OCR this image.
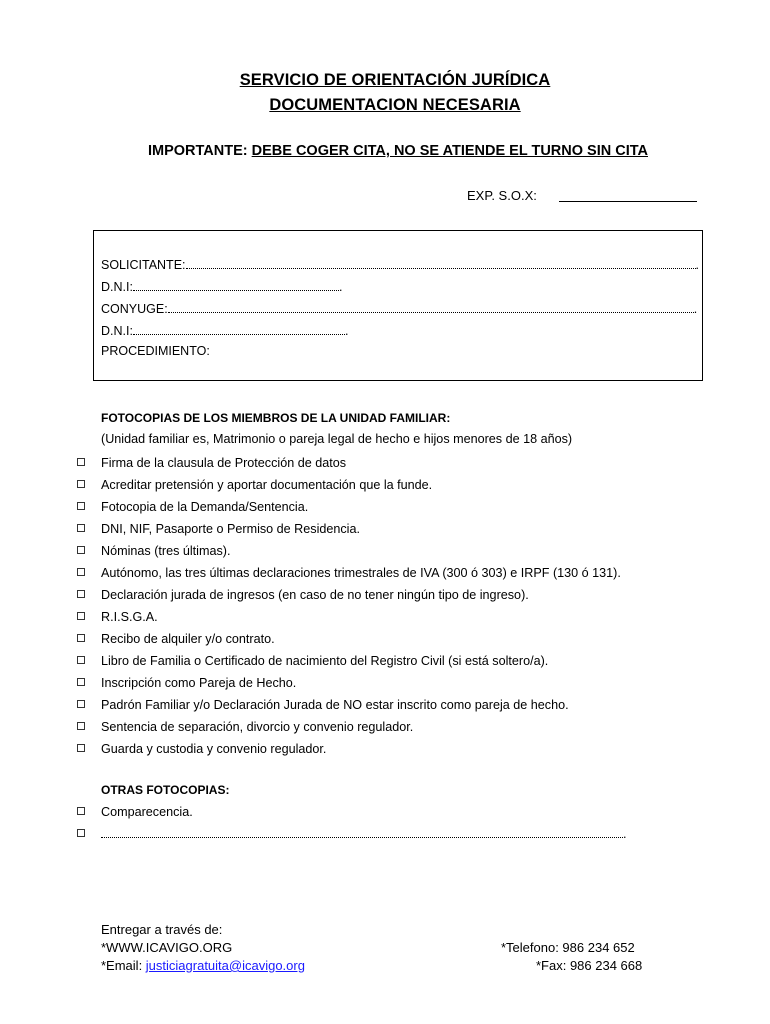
SERVICIO DE ORIENTACIÓN JURÍDICA
DOCUMENTACION NECESARIA
IMPORTANTE: DEBE COGER CITA, NO SE ATIENDE EL TURNO SIN CITA
EXP. S.O.X:
SOLICITANTE:	.
D.N.I:	.
CONYUGE:	.
D.N.I:	.
PROCEDIMIENTO:
FOTOCOPIAS DE LOS MIEMBROS DE LA UNIDAD FAMILIAR:
(Unidad familiar es, Matrimonio o pareja legal de hecho e hijos menores de 18 años)
Firma de la clausula de Protección de datos
Acreditar pretensión y aportar documentación que la funde.
Fotocopia de la Demanda/Sentencia.
DNI, NIF, Pasaporte o Permiso de Residencia.
Nóminas (tres últimas).
Autónomo, las tres últimas declaraciones trimestrales de IVA (300 ó 303) e IRPF (130 ó 131).
Declaración jurada de ingresos (en caso de no tener ningún tipo de ingreso).
R.I.S.G.A.
Recibo de alquiler y/o contrato.
Libro de Familia o Certificado de nacimiento del Registro Civil (si está soltero/a).
Inscripción como Pareja de Hecho.
Padrón Familiar y/o Declaración Jurada de NO estar inscrito como pareja de hecho.
Sentencia de separación, divorcio y convenio regulador.
Guarda y custodia y convenio regulador.
OTRAS FOTOCOPIAS:
Comparecencia.
.
Entregar a través de:
*WWW.ICAVIGO.ORG
*Email: justiciagratuita@icavigo.org
*Telefono: 986 234 652
*Fax: 986 234 668
